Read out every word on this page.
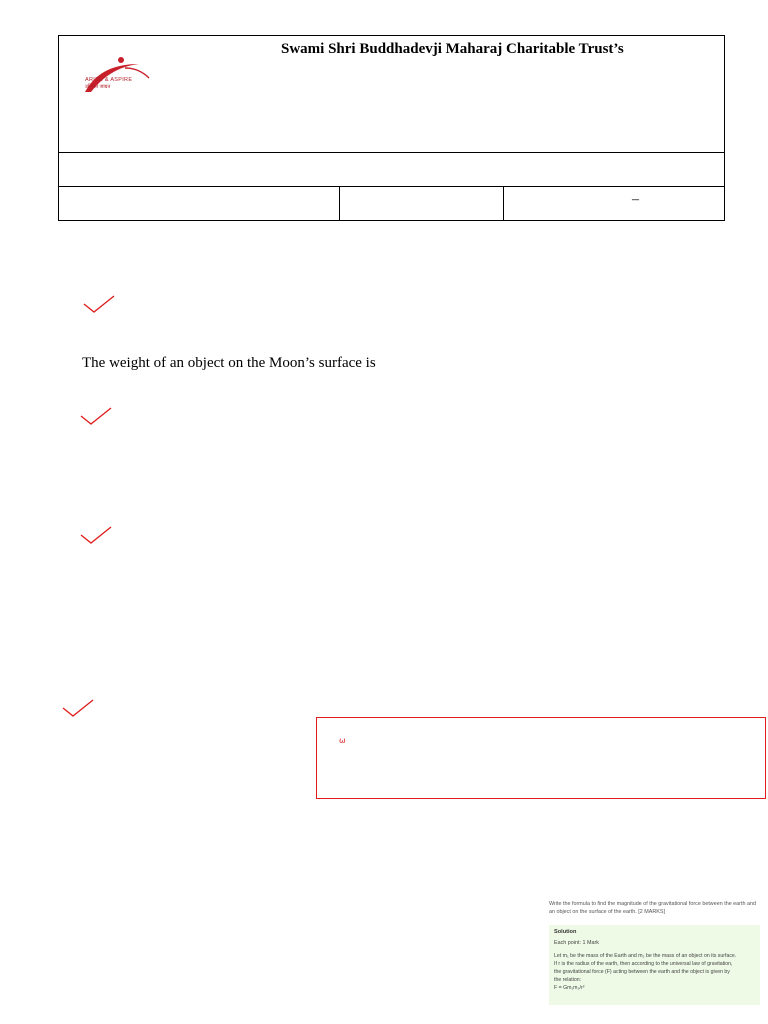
ARISE & ASPIRE
उत्तिष्ठत जाग्रत
Swami Shri Buddhadevji Maharaj Charitable Trust’s
–
The weight of an object on the Moon’s surface is
ω
Write the formula to find the magnitude of the gravitational force between the earth and an object on the surface of the earth. [2 MARKS]
Solution
Each point: 1 Mark
Let m₁ be the mass of the Earth and m₂ be the mass of an object on its surface.
If r is the radius of the earth, then according to the universal law of gravitation,
the gravitational force (F) acting between the earth and the object is given by
the relation:
F = Gm₁m₂/r²
